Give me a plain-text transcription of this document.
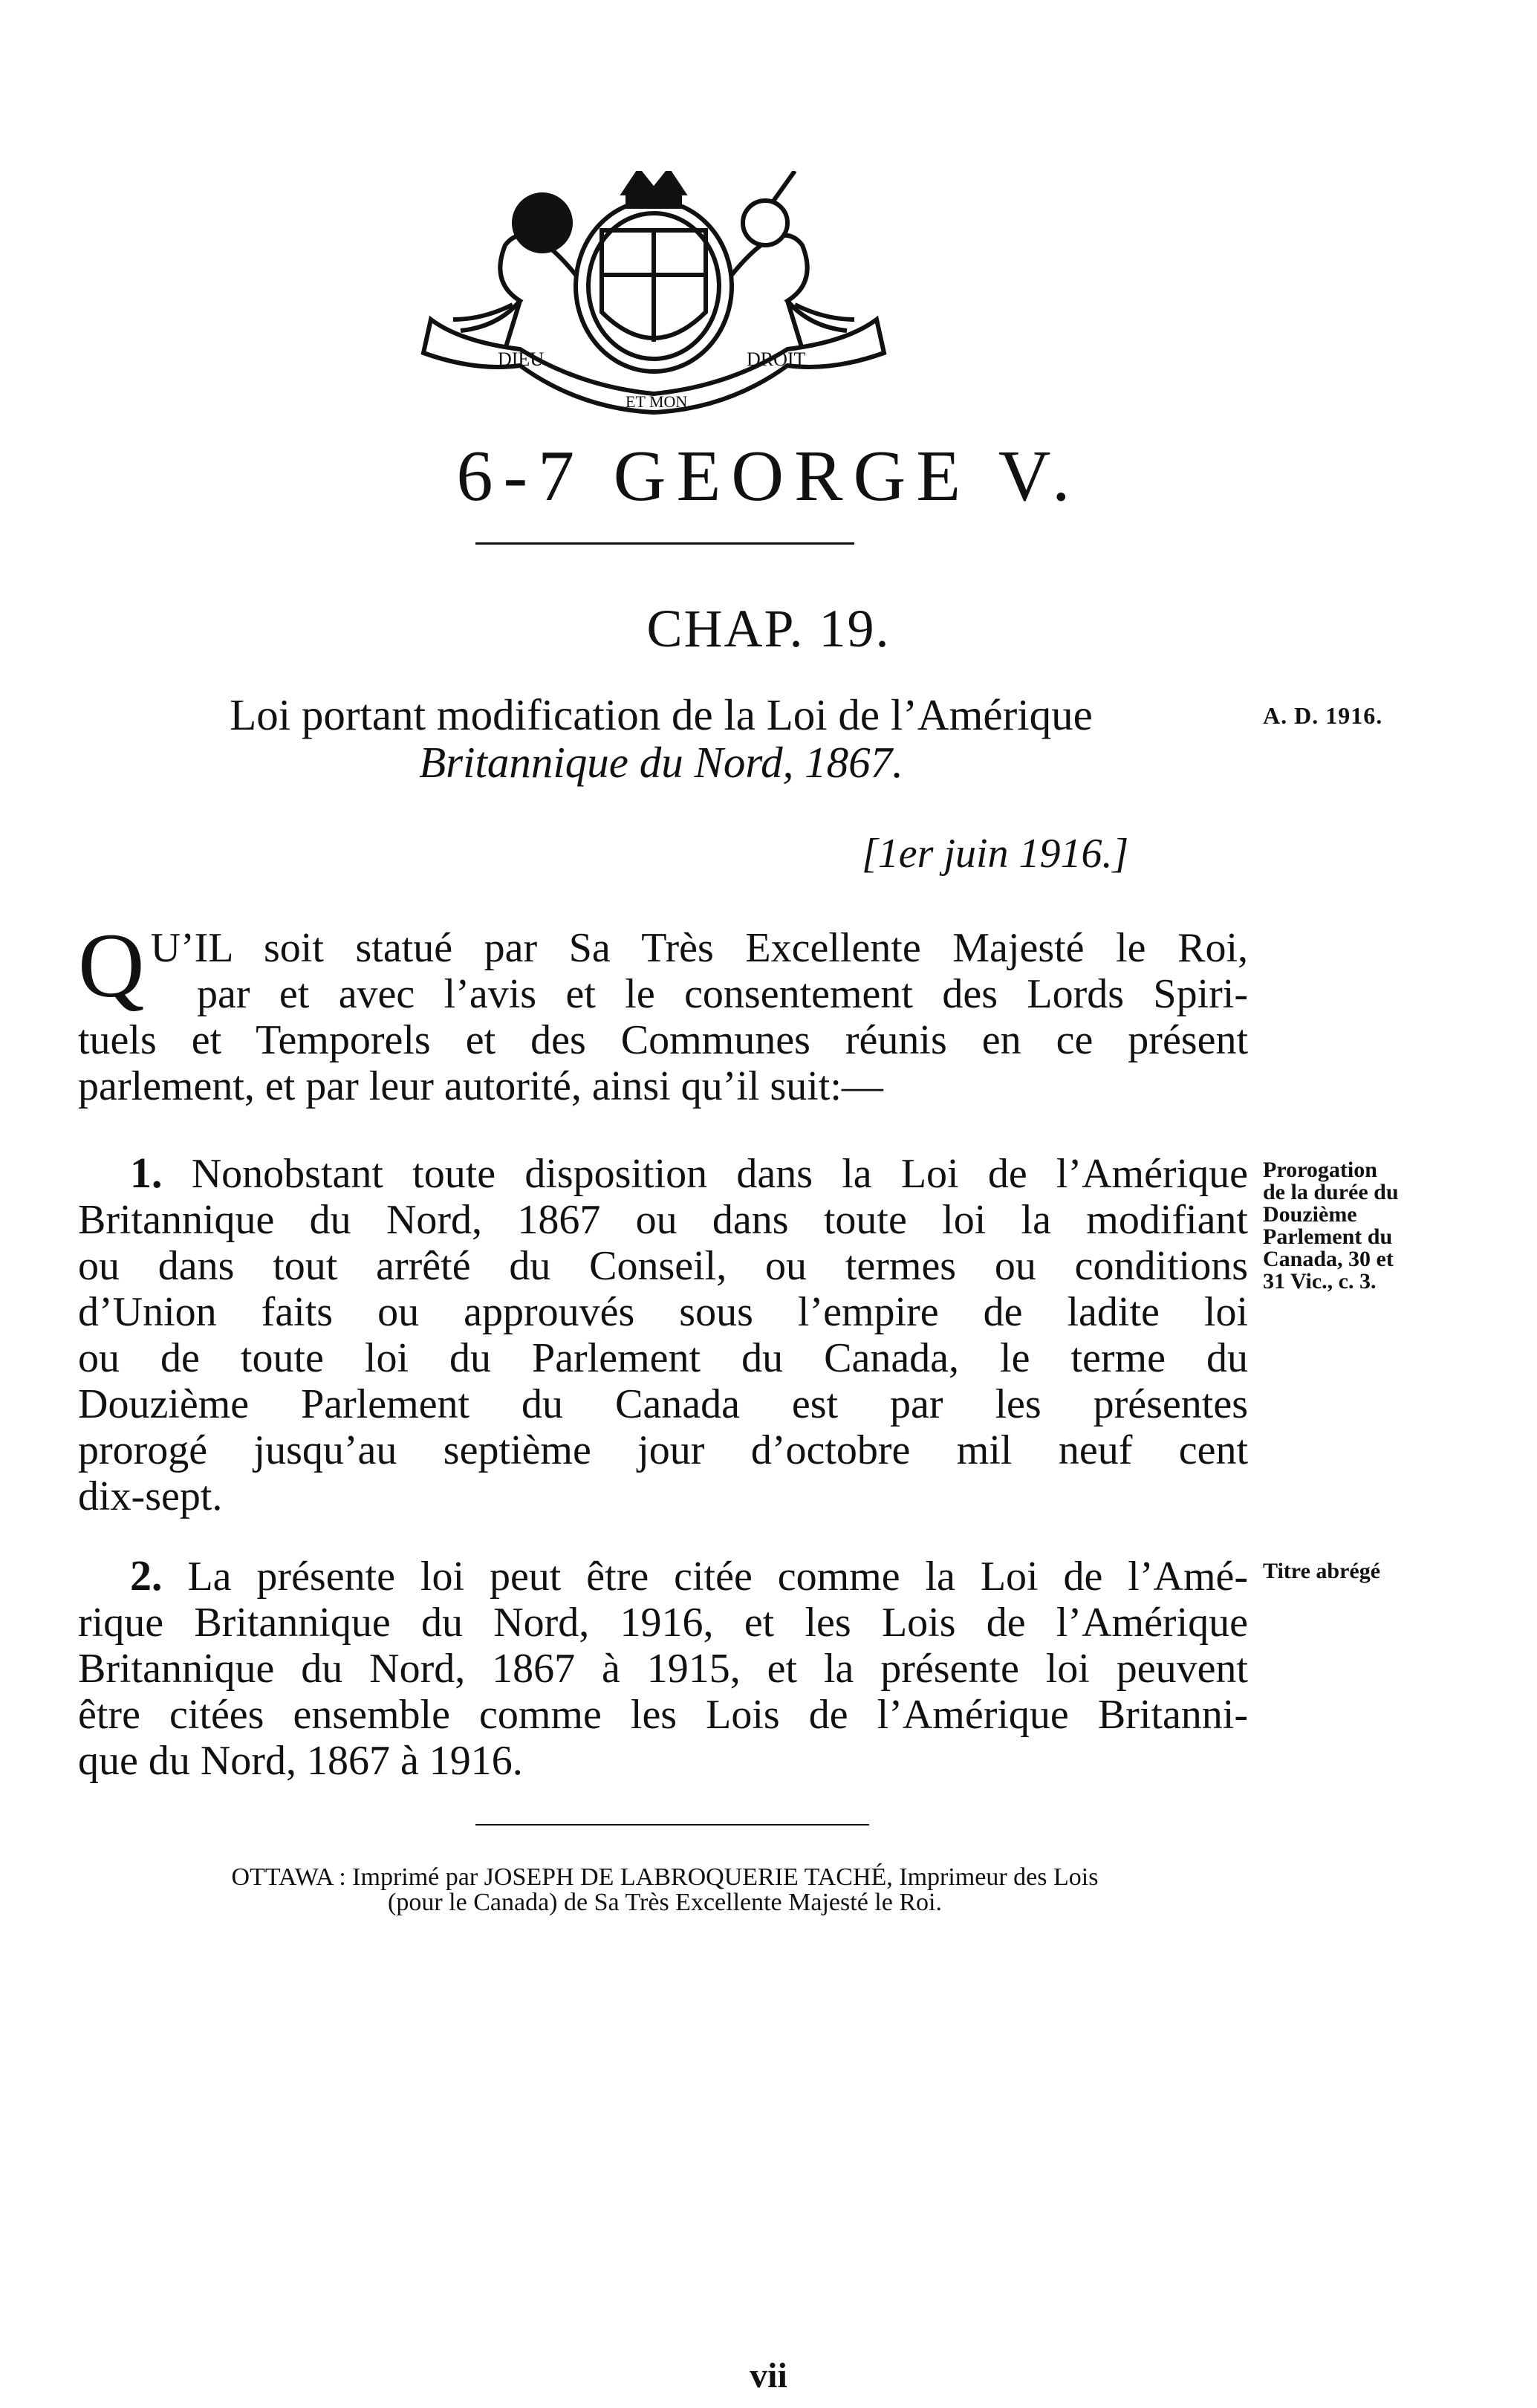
DIEU
ET MON
DROIT
6-7 GEORGE V.
CHAP. 19.
Loi portant modification de la Loi de l’Amérique
Britannique du Nord, 1867.
A. D. 1916.
[1er juin 1916.]
Q U’IL soit statué par Sa Très Excellente Majesté le Roi,
par et avec l’avis et le consentement des Lords Spiri-
tuels et Temporels et des Communes réunis en ce présent
parlement, et par leur autorité, ainsi qu’il suit:—
1. Nonobstant toute disposition dans la Loi de l’Amérique
Britannique du Nord, 1867 ou dans toute loi la modifiant
ou dans tout arrêté du Conseil, ou termes ou conditions
d’Union faits ou approuvés sous l’empire de ladite loi
ou de toute loi du Parlement du Canada, le terme du
Douzième Parlement du Canada est par les présentes
prorogé jusqu’au septième jour d’octobre mil neuf cent
dix-sept.
Prorogation
de la durée du
Douzième
Parlement du
Canada, 30 et
31 Vic., c. 3.
2. La présente loi peut être citée comme la Loi de l’Amé-
rique Britannique du Nord, 1916, et les Lois de l’Amérique
Britannique du Nord, 1867 à 1915, et la présente loi peuvent
être citées ensemble comme les Lois de l’Amérique Britanni-
que du Nord, 1867 à 1916.
Titre abrégé
OTTAWA : Imprimé par JOSEPH DE LABROQUERIE TACHÉ, Imprimeur des Lois
(pour le Canada) de Sa Très Excellente Majesté le Roi.
vii
